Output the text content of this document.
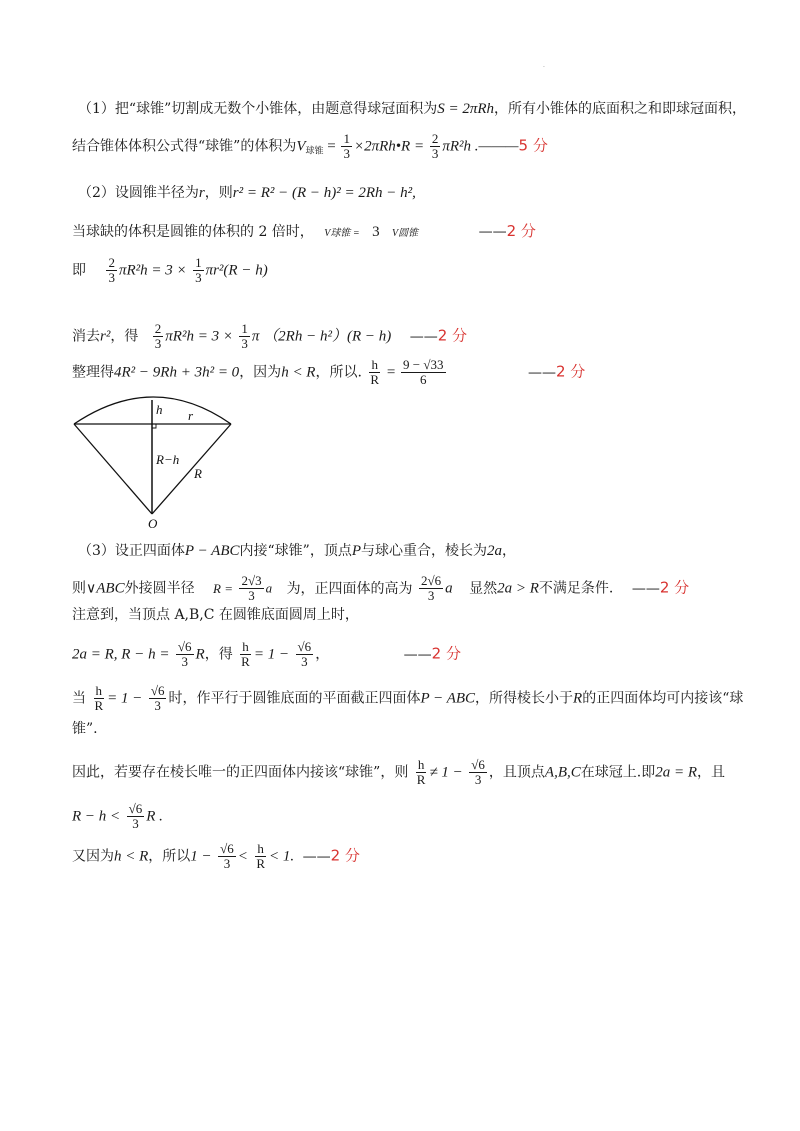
.
（1）把“球锥”切割成无数个小锥体，由题意得球冠面积为S = 2πRh，所有小锥体的底面积之和即球冠面积，
结合锥体体积公式得“球锥”的体积为$V_{球锥} = \frac{1}{3}$ ×2πRh•R = $\frac{2}{3} \pi R^2h$ .———5 分
（2）设圆锥半径为r，则r² = R² − (R − h)² = 2Rh − h²,
当球缺的体积是圆锥的体积的 2 倍时， V球锥 = 3 V圆锥	——2 分
即 $\frac{2}{3} \pi R^2h = 3 \times \frac{1}{3} \pi r^2(R - h)$
消去r²，得 $\frac{2}{3} \pi R^2h = 3 \times \frac{1}{3}$ π （2Rh − h²）(R − h) ——2 分
整理得4R² − 9Rh + 3h² = 0，因为h < R，所以. $\frac{h}{R} = \frac{9 - √33}{6}$	——2 分
h r
R−h
R
O
（3）设正四面体P − ABC内接“球锥”，顶点P与球心重合，棱长为2a，
则∨ABC外接圆半径 $R = \frac{2√3}{3}$ a 为，正四面体的高为 $\frac{2√6}{3}$ a 显然2a > R不满足条件. ——2 分
注意到，当顶点 A,B,C 在圆锥底面圆周上时，
2a = R, $R - h = \frac{√6}{3}$ R，得 $\frac{h}{R} = 1 - \frac{√6}{3}$ ，	——2 分
当 $\frac{h}{R} = 1 - \frac{√6}{3}$ 时，作平行于圆锥底面的平面截正四面体P − ABC，所得棱长小于R的正四面体均可内接该“球
锥”.
因此，若要存在棱长唯一的正四面体内接该“球锥”，则 $\frac{h}{R} \ne 1 - \frac{√6}{3}$ ，且顶点A,B,C在球冠上.即2a = R，且
$R - h < \frac{√6}{3}$ R .
又因为h < R，所以$1 - \frac{√6}{3} < \frac{h}{R} < 1$. ——2 分
